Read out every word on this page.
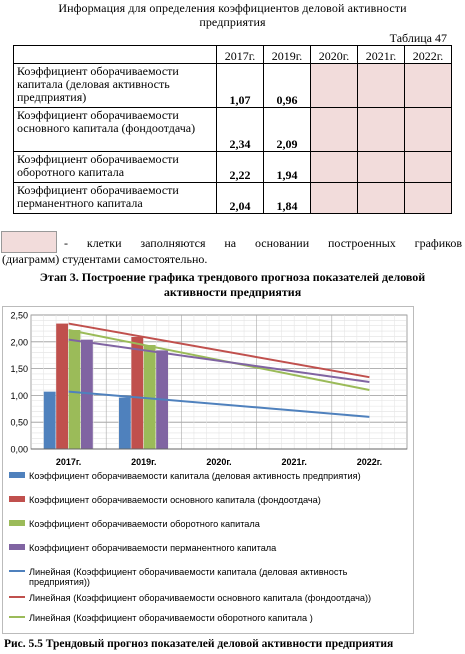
Информация для определения коэффициентов деловой активности
предприятия
Таблица 47
	2017г.	2019г.	2020г.	2021г.	2022г.
Коэффициент оборачиваемости капитала (деловая активность предприятия)	1,07	0,96			
Коэффициент оборачиваемости основного капитала (фондоотдача)	2,34	2,09			
Коэффициент оборачиваемости оборотного капитала	2,22	1,94			
Коэффициент оборачиваемости перманентного капитала	2,04	1,84			
- клетки заполняются на основании построенных графиков
(диаграмм) студентами самостоятельно.
Этап 3. Построение графика трендового прогноза показателей деловой
активности предприятия
0,00
0,50
1,00
1,50
2,00
2,50
2017г.	2019г.	2020г.	2021г.	2022г.
Коэффициент оборачиваемости капитала (деловая активность предприятия)
Коэффициент оборачиваемости основного капитала (фондоотдача)
Коэффициент оборачиваемости оборотного капитала
Коэффициент оборачиваемости перманентного капитала
Линейная (Коэффициент оборачиваемости капитала (деловая активность предприятия))
Линейная (Коэффициент оборачиваемости основного капитала (фондоотдача))
Линейная (Коэффициент оборачиваемости оборотного капитала )
Рис. 5.5 Трендовый прогноз показателей деловой активности предприятия
